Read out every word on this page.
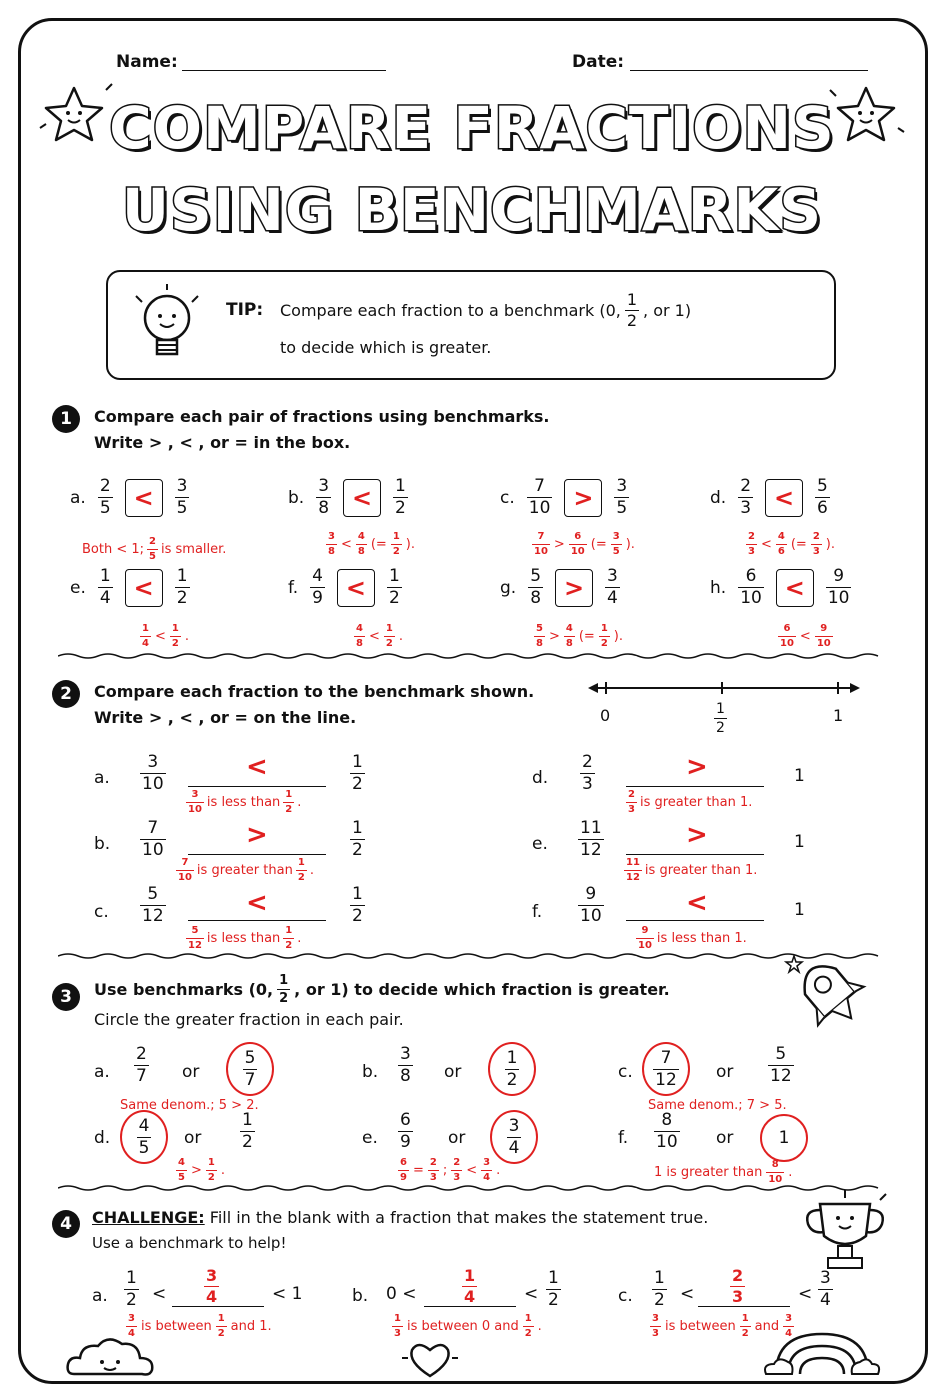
Name:	Date:
COMPARE FRACTIONS
USING BENCHMARKS
TIP: Compare each fraction to a benchmark (0, $\frac{1}{2}$ , or 1)
to decide which is greater.
1	Compare each pair of fractions using benchmarks.
Write > , < , or = in the box.
a. $\frac{2}{5}$ <	$\frac{3}{5}$	b. $\frac{3}{8}$ <	$\frac{1}{2}$	c. $\frac{7}{10}$ >	$\frac{3}{5}$	d. $\frac{2}{3}$ <	$\frac{5}{6}$
Both < 1; $\frac{2}{5}$ is smaller.	$\frac{3}{8} < \frac{4}{8}$ (= $\frac{1}{2}$ ).	$\frac{7}{10} > \frac{6}{10}$ (= $\frac{3}{5}$ ).	$\frac{2}{3} < \frac{4}{6}$ (= $\frac{2}{3}$ ).
e. $\frac{1}{4}$ <	$\frac{1}{2}$	f. $\frac{4}{9}$ <	$\frac{1}{2}$	g. $\frac{5}{8}$ >	$\frac{3}{4}$	h. $\frac{6}{10}$ <	$\frac{9}{10}$
$\frac{1}{4} < \frac{1}{2}$ .	$\frac{4}{8} < \frac{1}{2}$ .	$\frac{5}{8} > \frac{4}{8}$ (= $\frac{1}{2}$ ).	$\frac{6}{10} < \frac{9}{10}$
2	Compare each fraction to the benchmark shown.
Write > , < , or = on the line.	0	$\frac{1}{2}$	1
a. $\frac{3}{10}$	<	$\frac{1}{2}$
$\frac{3}{10}$ is less than $\frac{1}{2}$ .
b. $\frac{7}{10}$	>	$\frac{1}{2}$
$\frac{7}{10}$ is greater than $\frac{1}{2}$ .
c. $\frac{5}{12}$	<	$\frac{1}{2}$
$\frac{5}{12}$ is less than $\frac{1}{2}$ .
d. $\frac{2}{3}$	>	1
$\frac{2}{3}$ is greater than 1.
e. $\frac{11}{12}$	>	1
$\frac{11}{12}$ is greater than 1.
f. $\frac{9}{10}$	<	1
$\frac{9}{10}$ is less than 1.
3	Use benchmarks (0, $\frac{1}{2}$ , or 1) to decide which fraction is greater.
Circle the greater fraction in each pair.
a. $\frac{2}{7}$ or	$\frac{5}{7}$
Same denom.; 5 > 2.
b. $\frac{3}{8}$ or	$\frac{1}{2}$	c. $\frac{7}{12}$ or $\frac{5}{12}$
Same denom.; 7 > 5.
d. $\frac{4}{5}$ or $\frac{1}{2}$
$\frac{4}{5} > \frac{1}{2}$ .
e. $\frac{6}{9}$ or $\frac{3}{4}$
$\frac{6}{9} = \frac{2}{3}$ ; $\frac{2}{3} < \frac{3}{4}$ .
f. $\frac{8}{10}$ or	1
1 is greater than $\frac{8}{10}$ .
4	CHALLENGE: Fill in the blank with a fraction that makes the statement true.
Use a benchmark to help!
a. $\frac{1}{2} < \frac{3}{4}$	< 1
$\frac{3}{4}$ is between $\frac{1}{2}$ and 1.
b. 0 <	$\frac{1}{4}$	< $\frac{1}{2}$
$\frac{1}{3}$ is between 0 and $\frac{1}{2}$ .
c. $\frac{1}{2} < \frac{2}{3}$	< $\frac{3}{4}$
$\frac{3}{3}$ is between $\frac{1}{2}$ and $\frac{3}{4}$
